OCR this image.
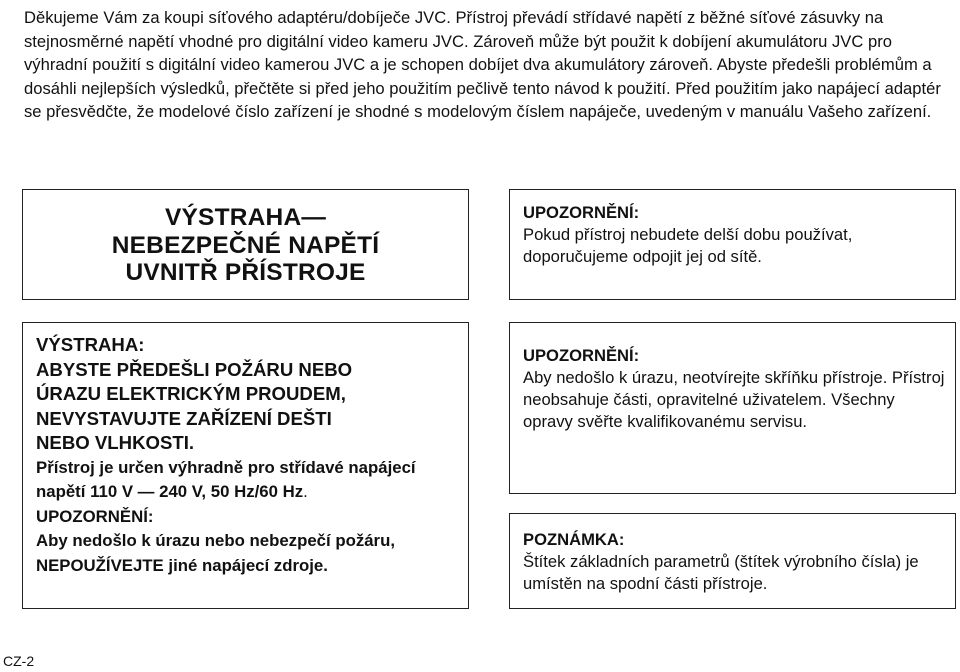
Děkujeme Vám za koupi síťového adaptéru/dobíječe JVC. Přístroj převádí střídavé napětí z běžné síťové zásuvky na stejnosměrné napětí vhodné pro digitální video kameru JVC. Zároveň může být použit k dobíjení akumulátoru JVC pro výhradní použití s digitální video kamerou JVC a je schopen dobíjet dva akumulátory zároveň. Abyste předešli problémům a dosáhli nejlepších výsledků, přečtěte si před jeho použitím pečlivě tento návod k použití. Před použitím jako napájecí adaptér se přesvědčte, že modelové číslo zařízení je shodné s modelovým číslem napáječe, uvedeným v manuálu Vašeho zařízení.

VÝSTRAHA—
NEBEZPEČNÉ NAPĚTÍ
UVNITŘ PŘÍSTROJE

UPOZORNĚNÍ:

Pokud přístroj nebudete delší dobu používat, doporučujeme odpojit jej od sítě.

VÝSTRAHA:

ABYSTE PŘEDEŠLI POŽÁRU NEBO

ÚRAZU ELEKTRICKÝM PROUDEM,

NEVYSTAVUJTE ZAŘÍZENÍ DEŠTI

NEBO VLHKOSTI.

Přístroj je určen výhradně pro střídavé napájecí napětí 110 V — 240 V, 50 Hz/60 Hz.

UPOZORNĚNÍ:

Aby nedošlo k úrazu nebo nebezpečí požáru, NEPOUŽÍVEJTE jiné napájecí zdroje.

UPOZORNĚNÍ:

Aby nedošlo k úrazu, neotvírejte skříňku přístroje. Přístroj neobsahuje části, opravitelné uživatelem. Všechny opravy svěřte kvalifikovanému servisu.

POZNÁMKA:

Štítek základních parametrů (štítek výrobního čísla) je umístěn na spodní části přístroje.

CZ-2
